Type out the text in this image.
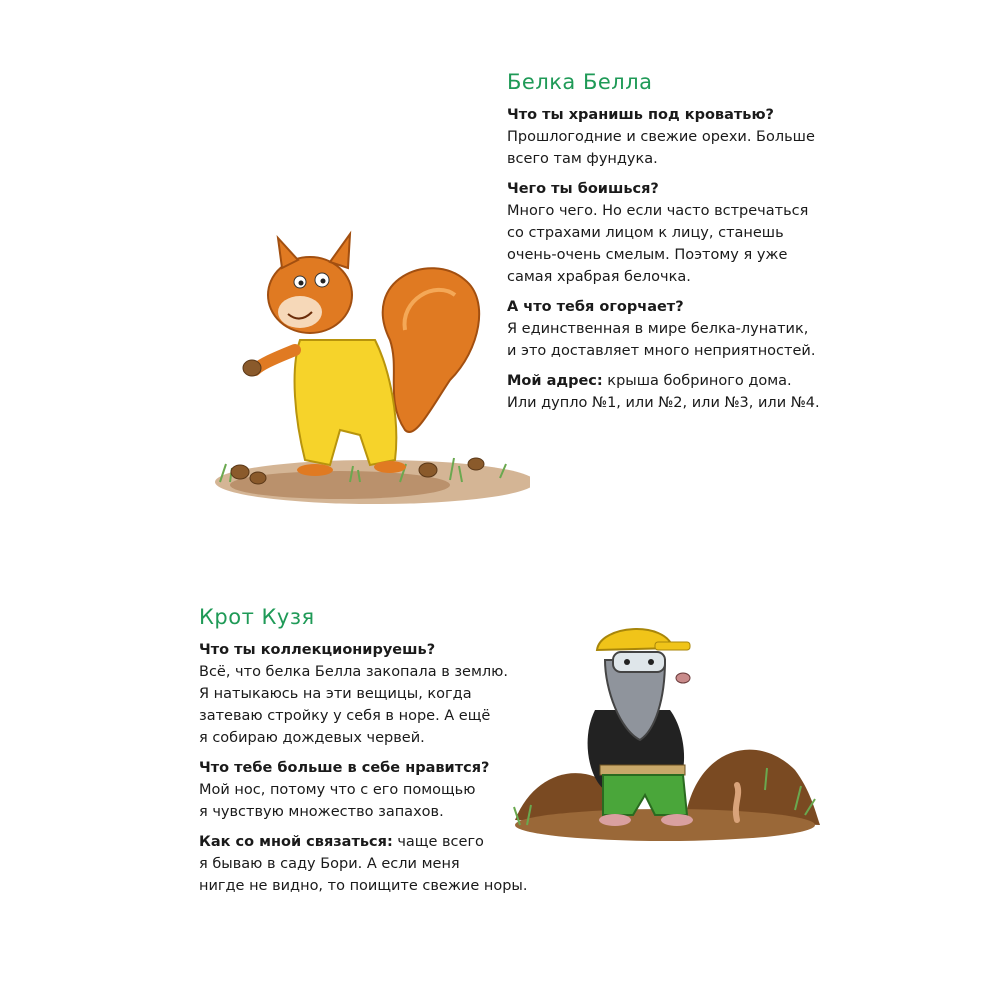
Белка Белла
Что ты хранишь под кроватью?
Прошлогодние и свежие орехи. Больше
всего там фундука.
Чего ты боишься?
Много чего. Но если часто встречаться
со страхами лицом к лицу, станешь
очень-очень смелым. Поэтому я уже
самая храбрая белочка.
А что тебя огорчает?
Я единственная в мире белка-лунатик,
и это доставляет много неприятностей.
Мой адрес: крыша бобриного дома.
Или дупло №1, или №2, или №3, или №4.
Крот Кузя
Что ты коллекционируешь?
Всё, что белка Белла закопала в землю.
Я натыкаюсь на эти вещицы, когда
затеваю стройку у себя в норе. А ещё
я собираю дождевых червей.
Что тебе больше в себе нравится?
Мой нос, потому что с его помощью
я чувствую множество запахов.
Как со мной связаться: чаще всего
я бываю в саду Бори. А если меня
нигде не видно, то поищите свежие норы.
